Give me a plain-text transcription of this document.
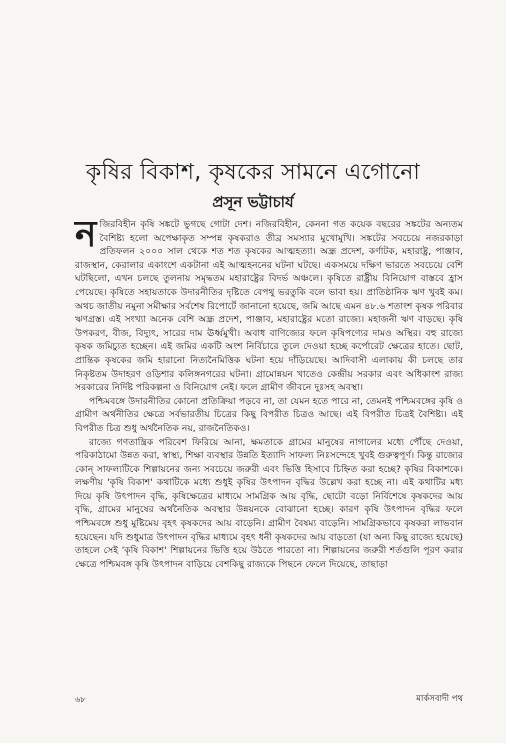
কৃষির বিকাশ, কৃষকের সামনে এগোনো
প্রসূন ভট্টাচার্য

নজিরবিহীন কৃষি সঙ্কটে ভুগছে গোটা দেশ। নজিরবিহীন, কেননা গত কয়েক বছরের সঙ্কটের অন্যতম বৈশিষ্ট্য হলো অপেক্ষাকৃত সম্পন্ন কৃষকরাও তীব্র সমস্যার মুখোমুখি। সঙ্কটের সবচেয়ে নজরকাড়া প্রতিফলন ২০০০ সাল থেকে শত শত কৃষকের আত্মহত্যা। অন্ধ্র প্রদেশ, কর্ণাটক, মহারাষ্ট্র, পাঞ্জাব, রাজস্থান, কেরালার একাংশে একটানা এই আত্মহননের ঘটনা ঘটছে। একসময়ে দক্ষিণ ভারতে সবচেয়ে বেশি ঘটছিলো, এখন চলছে তুলনায় সমৃদ্ধতম মহারাষ্ট্রের বিদর্ভ অঞ্চলে। কৃষিতে রাষ্ট্রীয় বিনিয়োগ বাস্তবে হ্রাস পেয়েছে। কৃষিতে সহায়তাকে উদারনীতির দৃষ্টিতে বেপথু ভরতুকি বলে ভাবা হয়। প্রাতিষ্ঠানিক ঋণ খুবই কম। অথচ জাতীয় নমুনা সমীক্ষার সর্বশেষ রিপোর্টে জানানো হয়েছে, জমি আছে এমন ৪৮.৬ শতাংশ কৃষক পরিবার ঋণগ্রস্ত। এই সংখ্যা অনেক বেশি অন্ধ্র প্রদেশ, পাঞ্জাব, মহারাষ্ট্রের মতো রাজ্যে। মহাজনী ঋণ বাড়ছে। কৃষি উপকরণ, বীজ, বিদ্যুৎ, সারের দাম ঊর্ধ্বমুখী। অবাধ বাণিজ্যের ফলে কৃষিপণ্যের দামও অস্থির। বহু রাজ্যে কৃষক জমিচ্যুত হচ্ছেন। এই জমির একটি অংশ নির্বিচারে তুলে দেওয়া হচ্ছে কর্পোরেট ক্ষেত্রের হাতে। ছোট, প্রান্তিক কৃষকের জমি হারানো নিত্যনৈমিত্তিক ঘটনা হয়ে দাঁড়িয়েছে। আদিবাসী এলাকায় কী চলছে তার নিকৃষ্টতম উদাহরণ ওড়িশার কলিঙ্গনগরের ঘটনা। গ্রামোন্নয়ন খাতেও কেন্দ্রীয় সরকার এবং অধিকাংশ রাজ্য সরকারের নির্দিষ্ট পরিকল্পনা ও বিনিয়োগ নেই। ফলে গ্রামীণ জীবনে দুঃসহ অবস্থা।

পশ্চিমবঙ্গে উদারনীতির কোনো প্রতিক্রিয়া পড়বে না, তা যেমন হতে পারে না, তেমনই পশ্চিমবঙ্গের কৃষি ও গ্রামীণ অর্থনীতির ক্ষেত্রে সর্বভারতীয় চিত্রের কিছু বিপরীত চিত্রও আছে। এই বিপরীত চিত্রই বৈশিষ্ট্য। এই বিপরীত চিত্র শুধু অর্থনৈতিক নয়, রাজনৈতিকও।

রাজ্যে গণতান্ত্রিক পরিবেশ ফিরিয়ে আনা, ক্ষমতাকে গ্রামের মানুষের নাগালের মধ্যে পৌঁছে দেওয়া, পরিকাঠামো উন্নত করা, স্বাস্থ্য, শিক্ষা ব্যবস্থার উন্নতি ইত্যাদি সাফল্য নিঃসন্দেহে খুবই গুরুত্বপূর্ণ। কিন্তু রাজ্যের কোন্‌ সাফল্যটিকে শিল্পায়নের জন্য সবচেয়ে জরুরী এবং ভিত্তি হিসাবে চিহ্নিত করা হচ্ছে? কৃষির বিকাশকে। লক্ষণীয় 'কৃষি বিকাশ' কথাটিকে মধ্যে শুধুই কৃষির উৎপাদন বৃদ্ধির উল্লেখ করা হচ্ছে না। এই কথাটির মধ্য দিয়ে কৃষি উৎপাদন বৃদ্ধি, কৃষিক্ষেত্রের মাধ্যমে সামগ্রিক আয় বৃদ্ধি, ছোটো বড়ো নির্বিশেষে কৃষকদের আয় বৃদ্ধি, গ্রামের মানুষের অর্থনৈতিক অবস্থার উন্নয়নকে বোঝানো হচ্ছে। কারণ কৃষি উৎপাদন বৃদ্ধির ফলে পশ্চিমবঙ্গে শুধু মুষ্টিমেয় বৃহৎ কৃষকদের আয় বাড়েনি। গ্রামীণ বৈষম্য বাড়েনি। সামগ্রিকভাবে কৃষকরা লাভবান হয়েছেন। যদি শুধুমাত্র উৎপাদন বৃদ্ধির মাধ্যমে বৃহৎ ধনী কৃষকদের আয় বাড়তো (যা অন্য কিছু রাজ্যে হয়েছে) তাহলে সেই 'কৃষি বিকাশ' শিল্পায়নের ভিত্তি হয়ে উঠতে পারতো না। শিল্পায়নের জরুরী শর্তগুলি পূরণ করার ক্ষেত্রে পশ্চিমবঙ্গ কৃষি উৎপাদন বাড়িয়ে বেশকিছু রাজ্যকে পিছনে ফেলে দিয়েছে, তাছাড়া

৬৮	মার্কসবাদী পথ
